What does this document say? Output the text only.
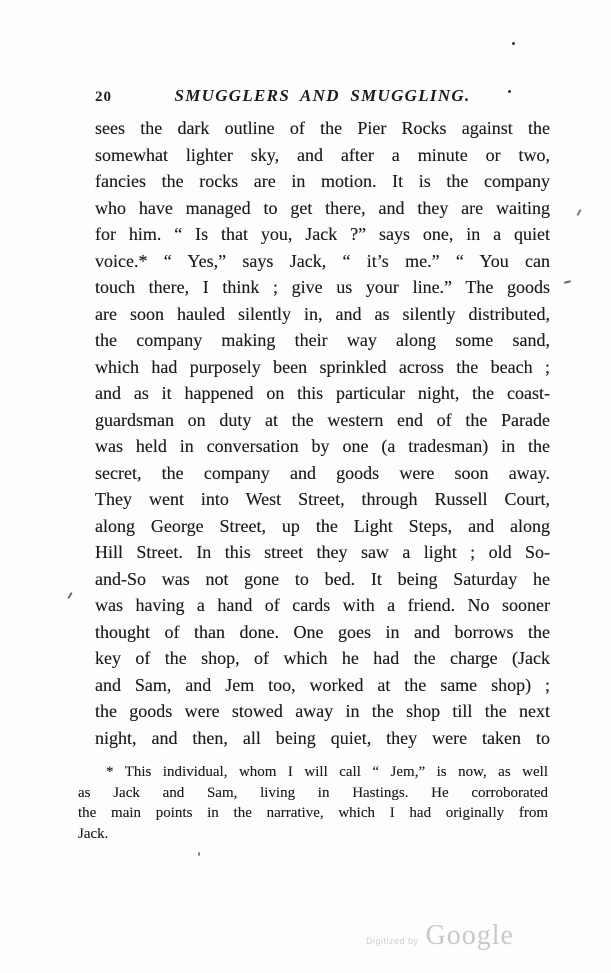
20	SMUGGLERS AND SMUGGLING.
sees the dark outline of the Pier Rocks against the
somewhat lighter sky, and after a minute or two,
fancies the rocks are in motion. It is the company
who have managed to get there, and they are waiting
for him. “ Is that you, Jack ?” says one, in a quiet
voice.* “ Yes,” says Jack, “ it’s me.” “ You can
touch there, I think ; give us your line.” The goods
are soon hauled silently in, and as silently distributed,
the company making their way along some sand,
which had purposely been sprinkled across the beach ;
and as it happened on this particular night, the coast-
guardsman on duty at the western end of the Parade
was held in conversation by one (a tradesman) in the
secret, the company and goods were soon away.
They went into West Street, through Russell Court,
along George Street, up the Light Steps, and along
Hill Street. In this street they saw a light ; old So-
and-So was not gone to bed. It being Saturday he
was having a hand of cards with a friend. No sooner
thought of than done. One goes in and borrows the
key of the shop, of which he had the charge (Jack
and Sam, and Jem too, worked at the same shop) ;
the goods were stowed away in the shop till the next
night, and then, all being quiet, they were taken to
* This individual, whom I will call “ Jem,” is now, as well
as Jack and Sam, living in Hastings. He corroborated
the main points in the narrative, which I had originally from
Jack.
Digitized by Google
